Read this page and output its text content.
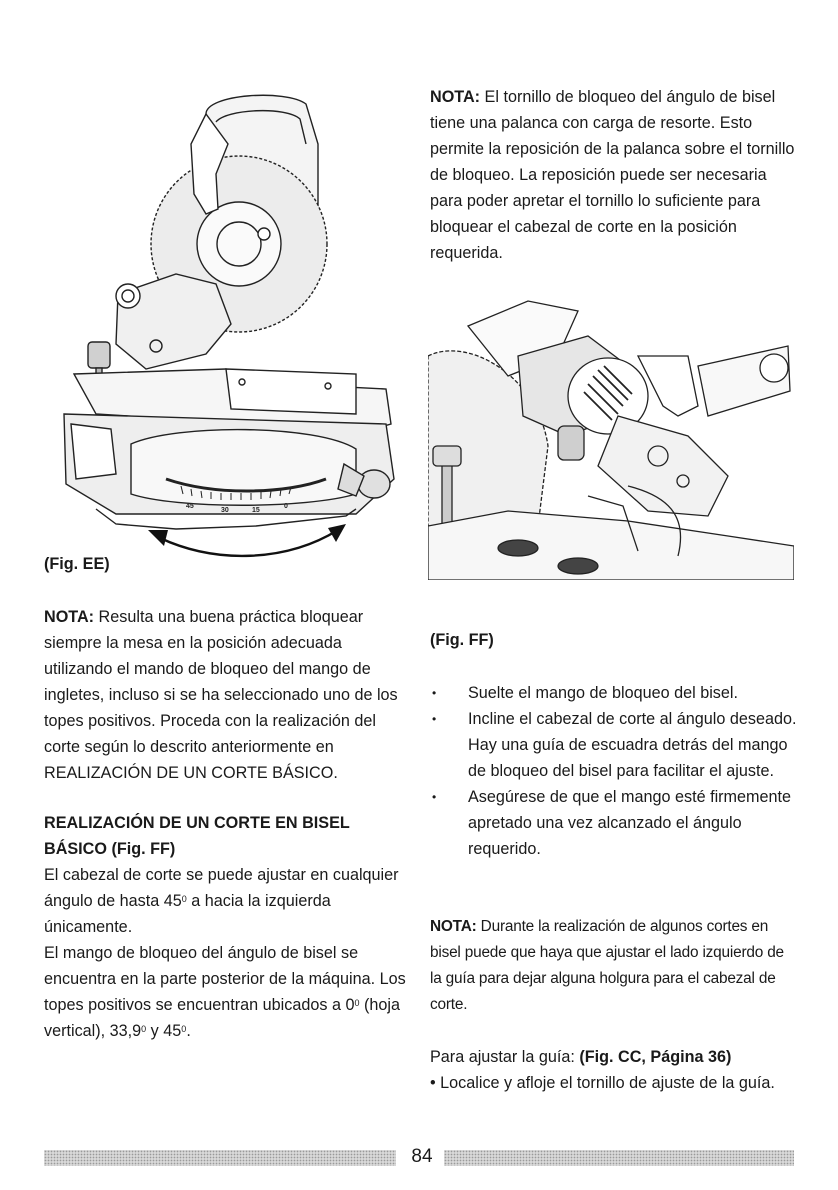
45
30	15
0
(Fig. EE)
(Fig. FF)

NOTA: El tornillo de bloqueo del ángulo de bisel tiene una palanca con carga de resorte. Esto permite la reposición de la palanca sobre el tornillo de bloqueo. La reposición puede ser necesaria para poder apretar el tornillo lo suficiente para bloquear el cabezal de corte en la posición requerida.

NOTA: Resulta una buena práctica bloquear siempre la mesa en la posición adecuada utilizando el mando de bloqueo del mango de ingletes, incluso si se ha seleccionado uno de los topes positivos. Proceda con la realización del corte según lo descrito anteriormente en REALIZACIÓN DE UN CORTE BÁSICO.

REALIZACIÓN DE UN CORTE EN BISEL BÁSICO (Fig. FF)

El cabezal de corte se puede ajustar en cualquier ángulo de hasta $45^0$ a hacia la izquierda únicamente.

El mango de bloqueo del ángulo de bisel se encuentra en la parte posterior de la máquina. Los topes positivos se encuentran ubicados a $0^0$ (hoja vertical), 33,9$^0$ y $45^0$.

• Suelte el mango de bloqueo del bisel.
• Incline el cabezal de corte al ángulo deseado. Hay una guía de escuadra detrás del mango de bloqueo del bisel para facilitar el ajuste.
• Asegúrese de que el mango esté firmemente apretado una vez alcanzado el ángulo requerido.

NOTA: Durante la realización de algunos cortes en bisel puede que haya que ajustar el lado izquierdo de la guía para dejar alguna holgura para el cabezal de corte.

Para ajustar la guía: (Fig. CC, Página 36)

• Localice y afloje el tornillo de ajuste de la guía.

84
